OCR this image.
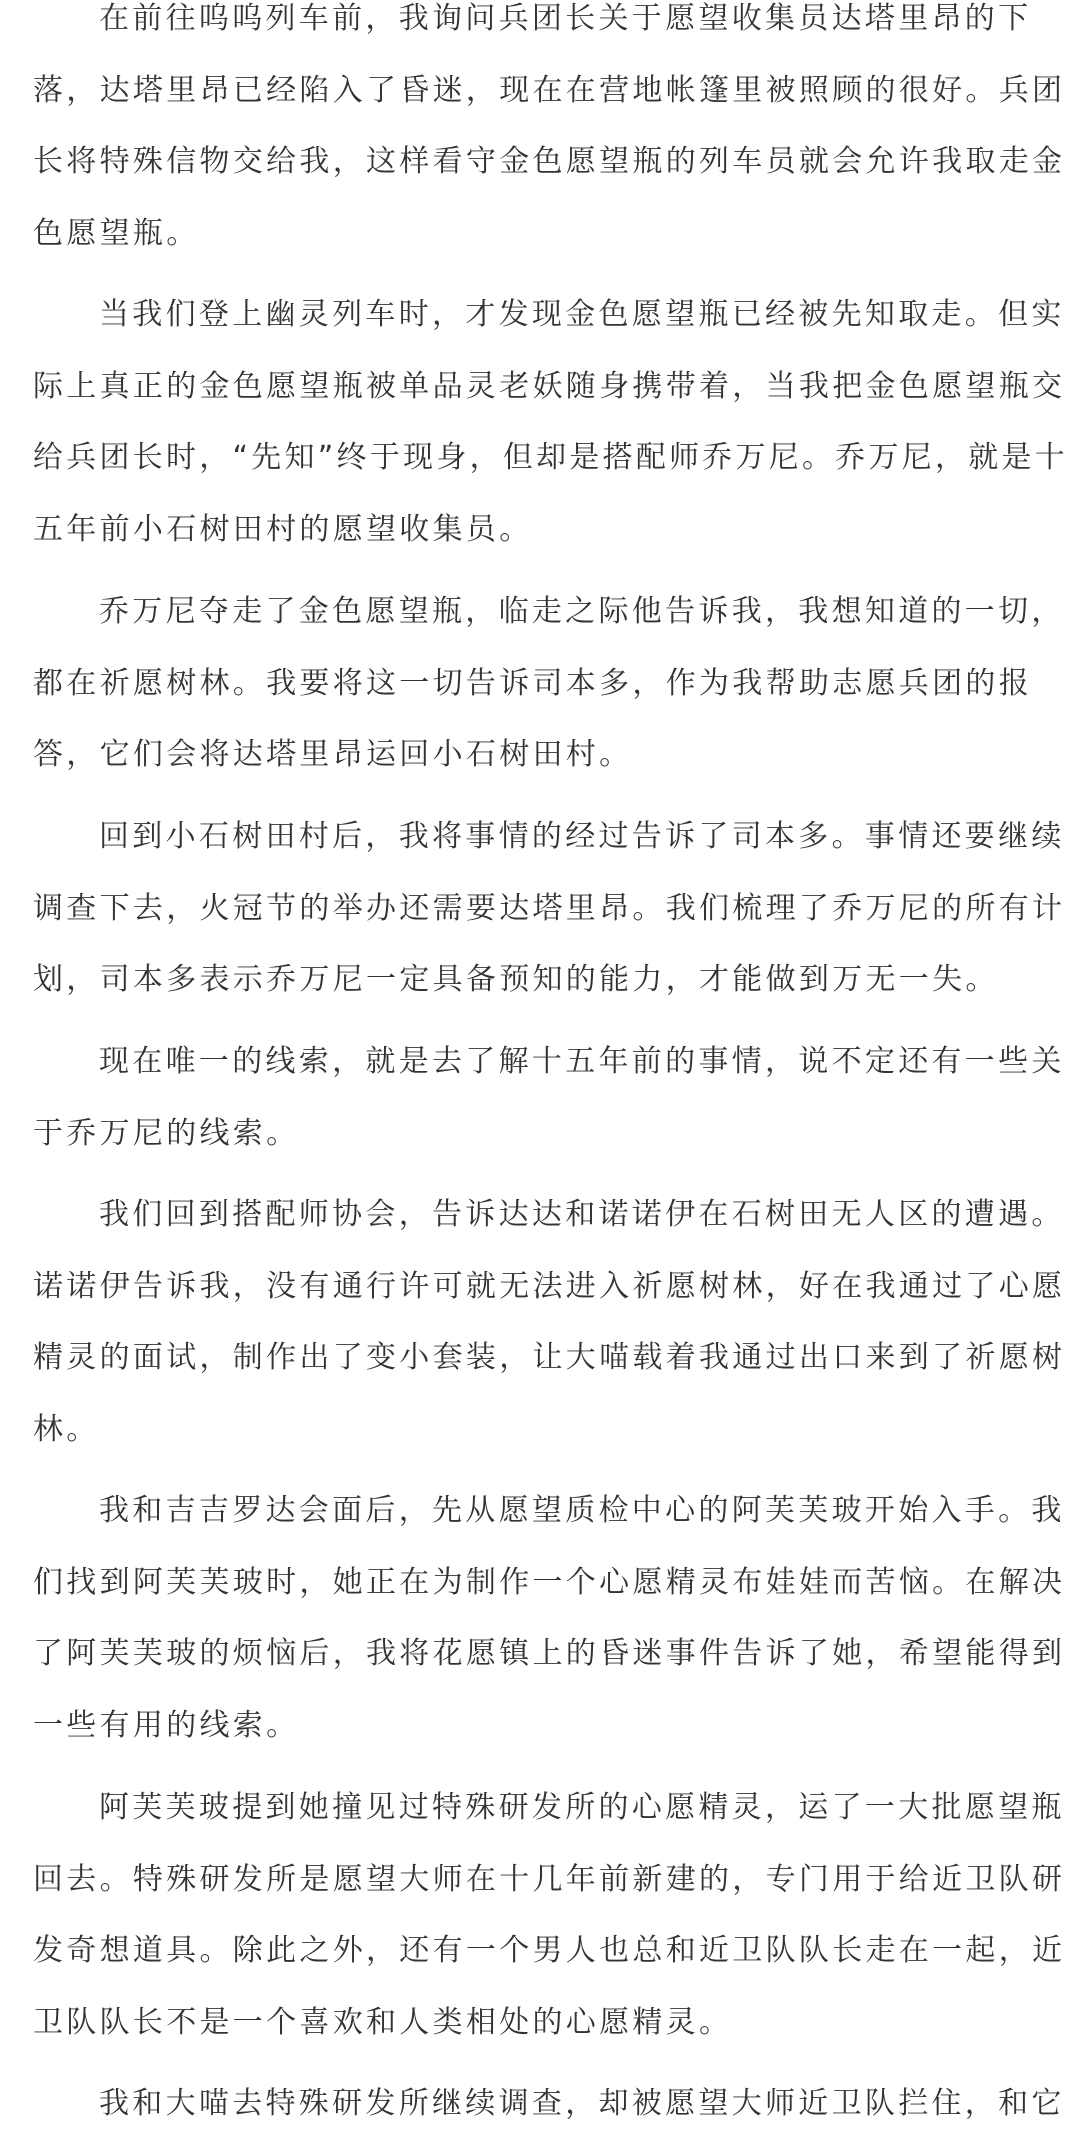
在前往呜呜列车前，我询问兵团长关于愿望收集员达塔里昂的下
落，达塔里昂已经陷入了昏迷，现在在营地帐篷里被照顾的很好。兵团
长将特殊信物交给我，这样看守金色愿望瓶的列车员就会允许我取走金
色愿望瓶。
当我们登上幽灵列车时，才发现金色愿望瓶已经被先知取走。但实
际上真正的金色愿望瓶被单品灵老妖随身携带着，当我把金色愿望瓶交
给兵团长时，“先知”终于现身，但却是搭配师乔万尼。乔万尼，就是十
五年前小石树田村的愿望收集员。
乔万尼夺走了金色愿望瓶，临走之际他告诉我，我想知道的一切，
都在祈愿树林。我要将这一切告诉司本多，作为我帮助志愿兵团的报
答，它们会将达塔里昂运回小石树田村。
回到小石树田村后，我将事情的经过告诉了司本多。事情还要继续
调查下去，火冠节的举办还需要达塔里昂。我们梳理了乔万尼的所有计
划，司本多表示乔万尼一定具备预知的能力，才能做到万无一失。
现在唯一的线索，就是去了解十五年前的事情，说不定还有一些关
于乔万尼的线索。
我们回到搭配师协会，告诉达达和诺诺伊在石树田无人区的遭遇。
诺诺伊告诉我，没有通行许可就无法进入祈愿树林，好在我通过了心愿
精灵的面试，制作出了变小套装，让大喵载着我通过出口来到了祈愿树
林。
我和吉吉罗达会面后，先从愿望质检中心的阿芙芙玻开始入手。我
们找到阿芙芙玻时，她正在为制作一个心愿精灵布娃娃而苦恼。在解决
了阿芙芙玻的烦恼后，我将花愿镇上的昏迷事件告诉了她，希望能得到
一些有用的线索。
阿芙芙玻提到她撞见过特殊研发所的心愿精灵，运了一大批愿望瓶
回去。特殊研发所是愿望大师在十几年前新建的，专门用于给近卫队研
发奇想道具。除此之外，还有一个男人也总和近卫队队长走在一起，近
卫队队长不是一个喜欢和人类相处的心愿精灵。
我和大喵去特殊研发所继续调查，却被愿望大师近卫队拦住，和它
